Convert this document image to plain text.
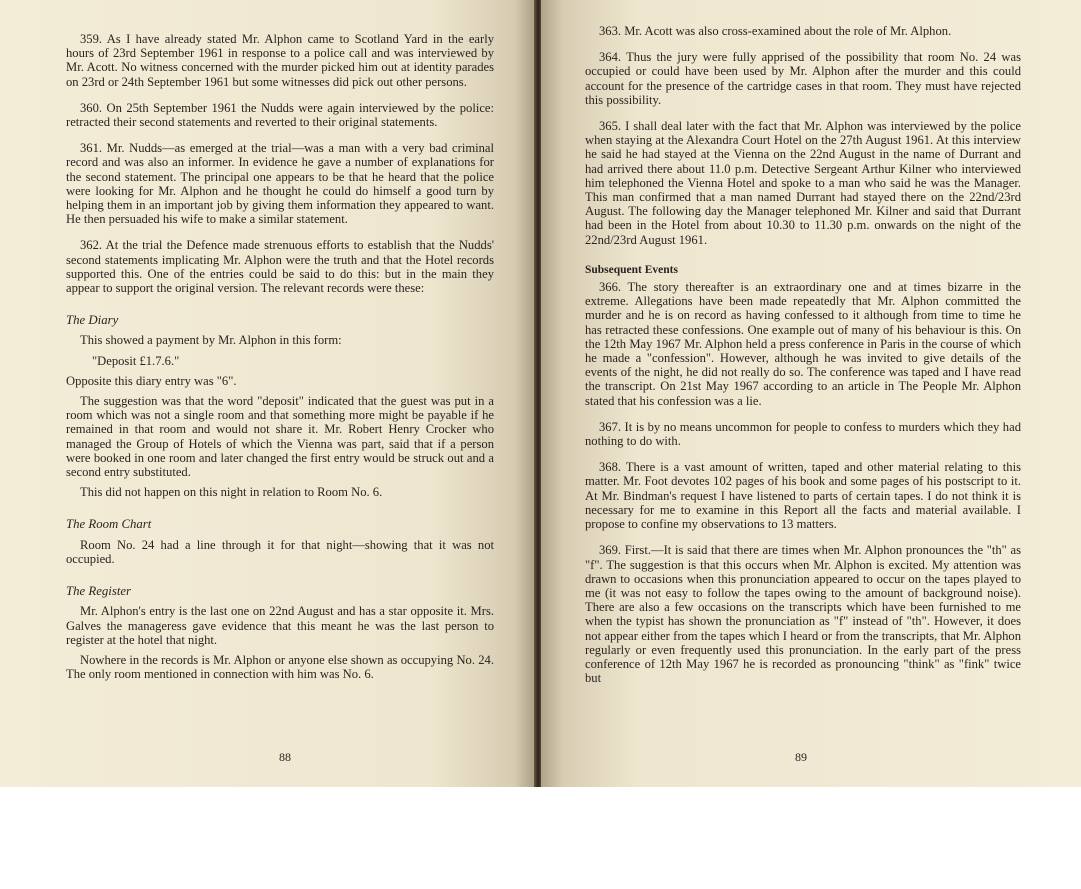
359. As I have already stated Mr. Alphon came to Scotland Yard in the early hours of 23rd September 1961 in response to a police call and was interviewed by Mr. Acott. No witness concerned with the murder picked him out at identity parades on 23rd or 24th September 1961 but some witnesses did pick out other persons.

360. On 25th September 1961 the Nudds were again interviewed by the police: retracted their second statements and reverted to their original statements.

361. Mr. Nudds—as emerged at the trial—was a man with a very bad criminal record and was also an informer. In evidence he gave a number of explanations for the second statement. The principal one appears to be that he heard that the police were looking for Mr. Alphon and he thought he could do himself a good turn by helping them in an important job by giving them information they appeared to want. He then persuaded his wife to make a similar statement.

362. At the trial the Defence made strenuous efforts to establish that the Nudds' second statements implicating Mr. Alphon were the truth and that the Hotel records supported this. One of the entries could be said to do this: but in the main they appear to support the original version. The relevant records were these:

The Diary

This showed a payment by Mr. Alphon in this form:

"Deposit £1.7.6."

Opposite this diary entry was "6".

The suggestion was that the word "deposit" indicated that the guest was put in a room which was not a single room and that something more might be payable if he remained in that room and would not share it. Mr. Robert Henry Crocker who managed the Group of Hotels of which the Vienna was part, said that if a person were booked in one room and later changed the first entry would be struck out and a second entry substituted.

This did not happen on this night in relation to Room No. 6.

The Room Chart

Room No. 24 had a line through it for that night—showing that it was not occupied.

The Register

Mr. Alphon's entry is the last one on 22nd August and has a star opposite it. Mrs. Galves the manageress gave evidence that this meant he was the last person to register at the hotel that night.

Nowhere in the records is Mr. Alphon or anyone else shown as occupying No. 24. The only room mentioned in connection with him was No. 6.

88

363. Mr. Acott was also cross-examined about the role of Mr. Alphon.

364. Thus the jury were fully apprised of the possibility that room No. 24 was occupied or could have been used by Mr. Alphon after the murder and this could account for the presence of the cartridge cases in that room. They must have rejected this possibility.

365. I shall deal later with the fact that Mr. Alphon was interviewed by the police when staying at the Alexandra Court Hotel on the 27th August 1961. At this interview he said he had stayed at the Vienna on the 22nd August in the name of Durrant and had arrived there about 11.0 p.m. Detective Sergeant Arthur Kilner who interviewed him telephoned the Vienna Hotel and spoke to a man who said he was the Manager. This man confirmed that a man named Durrant had stayed there on the 22nd/23rd August. The following day the Manager telephoned Mr. Kilner and said that Durrant had been in the Hotel from about 10.30 to 11.30 p.m. onwards on the night of the 22nd/23rd August 1961.

Subsequent Events

366. The story thereafter is an extraordinary one and at times bizarre in the extreme. Allegations have been made repeatedly that Mr. Alphon committed the murder and he is on record as having confessed to it although from time to time he has retracted these confessions. One example out of many of his behaviour is this. On the 12th May 1967 Mr. Alphon held a press conference in Paris in the course of which he made a "confession". However, although he was invited to give details of the events of the night, he did not really do so. The conference was taped and I have read the transcript. On 21st May 1967 according to an article in The People Mr. Alphon stated that his confession was a lie.

367. It is by no means uncommon for people to confess to murders which they had nothing to do with.

368. There is a vast amount of written, taped and other material relating to this matter. Mr. Foot devotes 102 pages of his book and some pages of his postscript to it. At Mr. Bindman's request I have listened to parts of certain tapes. I do not think it is necessary for me to examine in this Report all the facts and material available. I propose to confine my observations to 13 matters.

369. First.—It is said that there are times when Mr. Alphon pronounces the "th" as "f". The suggestion is that this occurs when Mr. Alphon is excited. My attention was drawn to occasions when this pronunciation appeared to occur on the tapes played to me (it was not easy to follow the tapes owing to the amount of background noise). There are also a few occasions on the transcripts which have been furnished to me when the typist has shown the pronunciation as "f" instead of "th". However, it does not appear either from the tapes which I heard or from the transcripts, that Mr. Alphon regularly or even frequently used this pronunciation. In the early part of the press conference of 12th May 1967 he is recorded as pronouncing "think" as "fink" twice but

89
